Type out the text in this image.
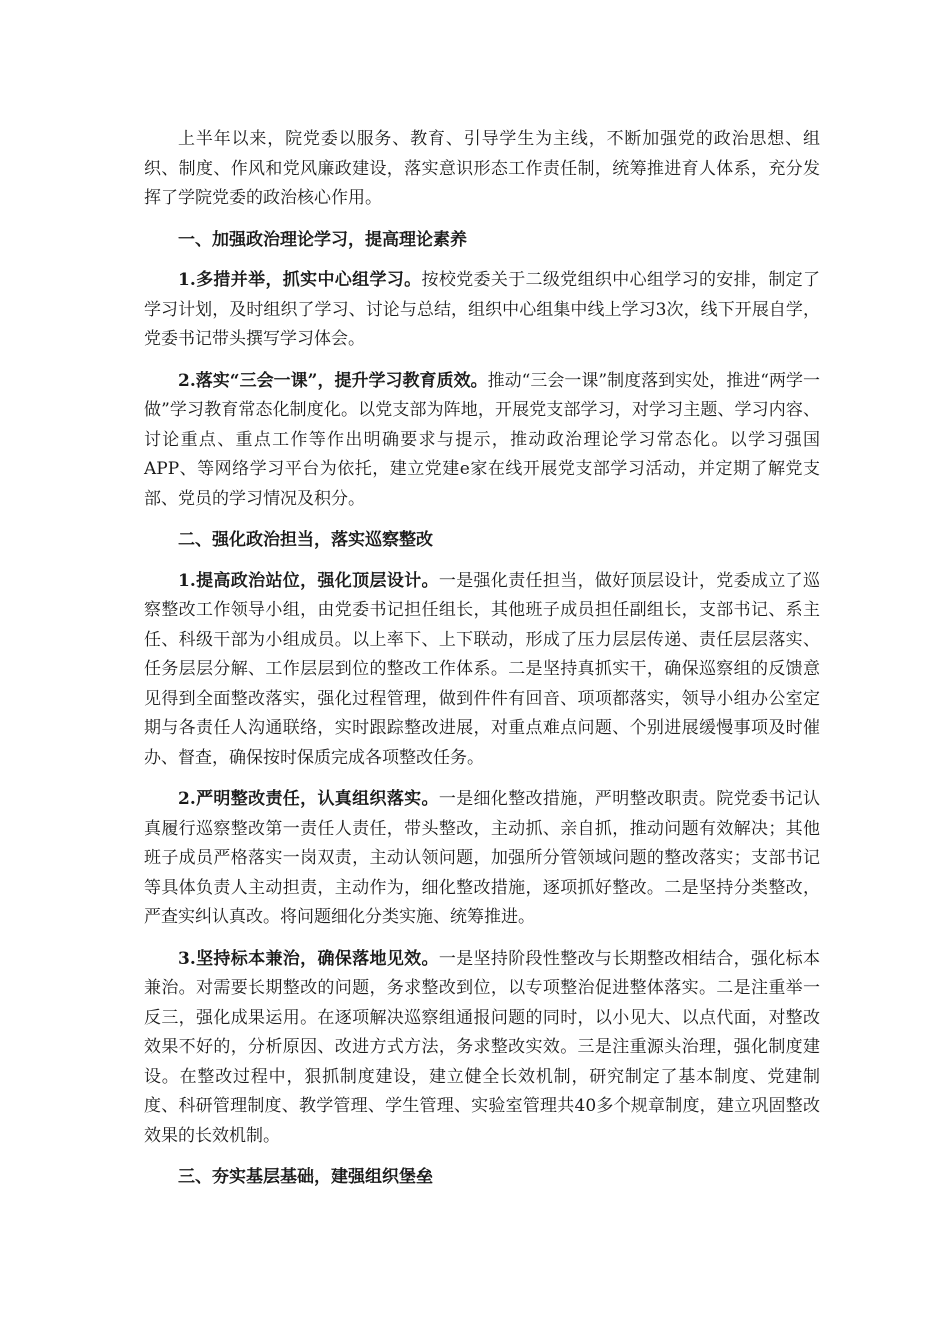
上半年以来，院党委以服务、教育、引导学生为主线，不断加强党的政治思想、组织、制度、作风和党风廉政建设，落实意识形态工作责任制，统筹推进育人体系，充分发挥了学院党委的政治核心作用。

一、加强政治理论学习，提高理论素养

1.多措并举，抓实中心组学习。按校党委关于二级党组织中心组学习的安排，制定了学习计划，及时组织了学习、讨论与总结，组织中心组集中线上学习3次，线下开展自学，党委书记带头撰写学习体会。

2.落实“三会一课”，提升学习教育质效。推动“三会一课”制度落到实处，推进“两学一做”学习教育常态化制度化。以党支部为阵地，开展党支部学习，对学习主题、学习内容、讨论重点、重点工作等作出明确要求与提示，推动政治理论学习常态化。以学习强国APP、等网络学习平台为依托，建立党建e家在线开展党支部学习活动，并定期了解党支部、党员的学习情况及积分。

二、强化政治担当，落实巡察整改

1.提高政治站位，强化顶层设计。一是强化责任担当，做好顶层设计，党委成立了巡察整改工作领导小组，由党委书记担任组长，其他班子成员担任副组长，支部书记、系主任、科级干部为小组成员。以上率下、上下联动，形成了压力层层传递、责任层层落实、任务层层分解、工作层层到位的整改工作体系。二是坚持真抓实干，确保巡察组的反馈意见得到全面整改落实，强化过程管理，做到件件有回音、项项都落实，领导小组办公室定期与各责任人沟通联络，实时跟踪整改进展，对重点难点问题、个别进展缓慢事项及时催办、督查，确保按时保质完成各项整改任务。

2.严明整改责任，认真组织落实。一是细化整改措施，严明整改职责。院党委书记认真履行巡察整改第一责任人责任，带头整改，主动抓、亲自抓，推动问题有效解决；其他班子成员严格落实一岗双责，主动认领问题，加强所分管领域问题的整改落实；支部书记等具体负责人主动担责，主动作为，细化整改措施，逐项抓好整改。二是坚持分类整改，严查实纠认真改。将问题细化分类实施、统筹推进。

3.坚持标本兼治，确保落地见效。一是坚持阶段性整改与长期整改相结合，强化标本兼治。对需要长期整改的问题，务求整改到位，以专项整治促进整体落实。二是注重举一反三，强化成果运用。在逐项解决巡察组通报问题的同时，以小见大、以点代面，对整改效果不好的，分析原因、改进方式方法，务求整改实效。三是注重源头治理，强化制度建设。在整改过程中，狠抓制度建设，建立健全长效机制，研究制定了基本制度、党建制度、科研管理制度、教学管理、学生管理、实验室管理共40多个规章制度，建立巩固整改效果的长效机制。

三、夯实基层基础，建强组织堡垒
